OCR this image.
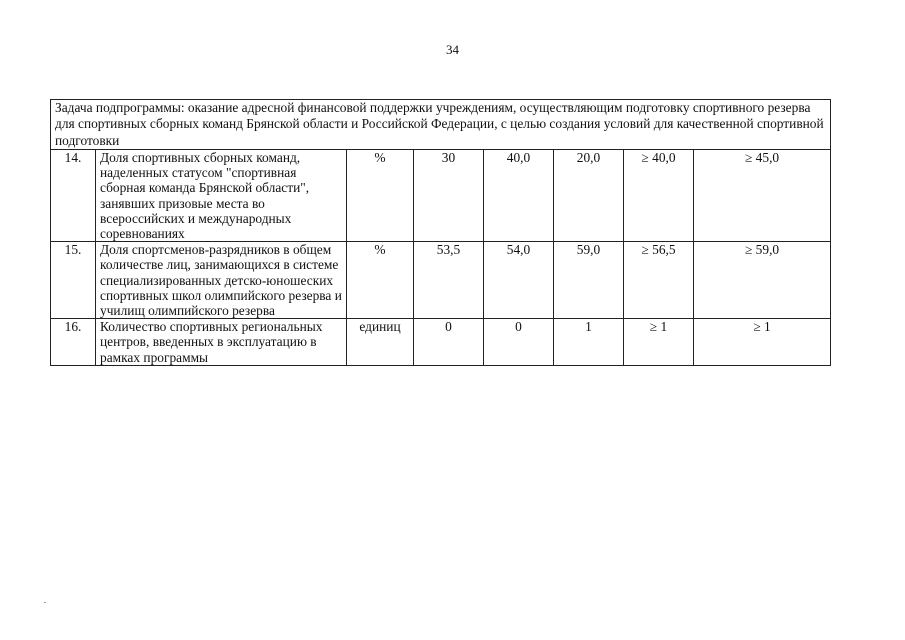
34
Задача подпрограммы: оказание адресной финансовой поддержки учреждениям, осуществляющим подготовку спортивного резерва для спортивных сборных команд Брянской области и Российской Федерации, с целью создания условий для качественной спортивной подготовки							
14.	Доля спортивных сборных команд, наделенных статусом "спортивная сборная команда Брянской области", занявших призовые места во всероссийских и международных соревнованиях	%	30	40,0	20,0	≥ 40,0	≥ 45,0
15.	Доля спортсменов-разрядников в общем количестве лиц, занимающихся в системе специализированных детско-юношеских спортивных школ олимпийского резерва и училищ олимпийского резерва	%	53,5	54,0	59,0	≥ 56,5	≥ 59,0
16.	Количество спортивных региональных центров, введенных в эксплуатацию в рамках программы	единиц	0	0	1	≥ 1	≥ 1
